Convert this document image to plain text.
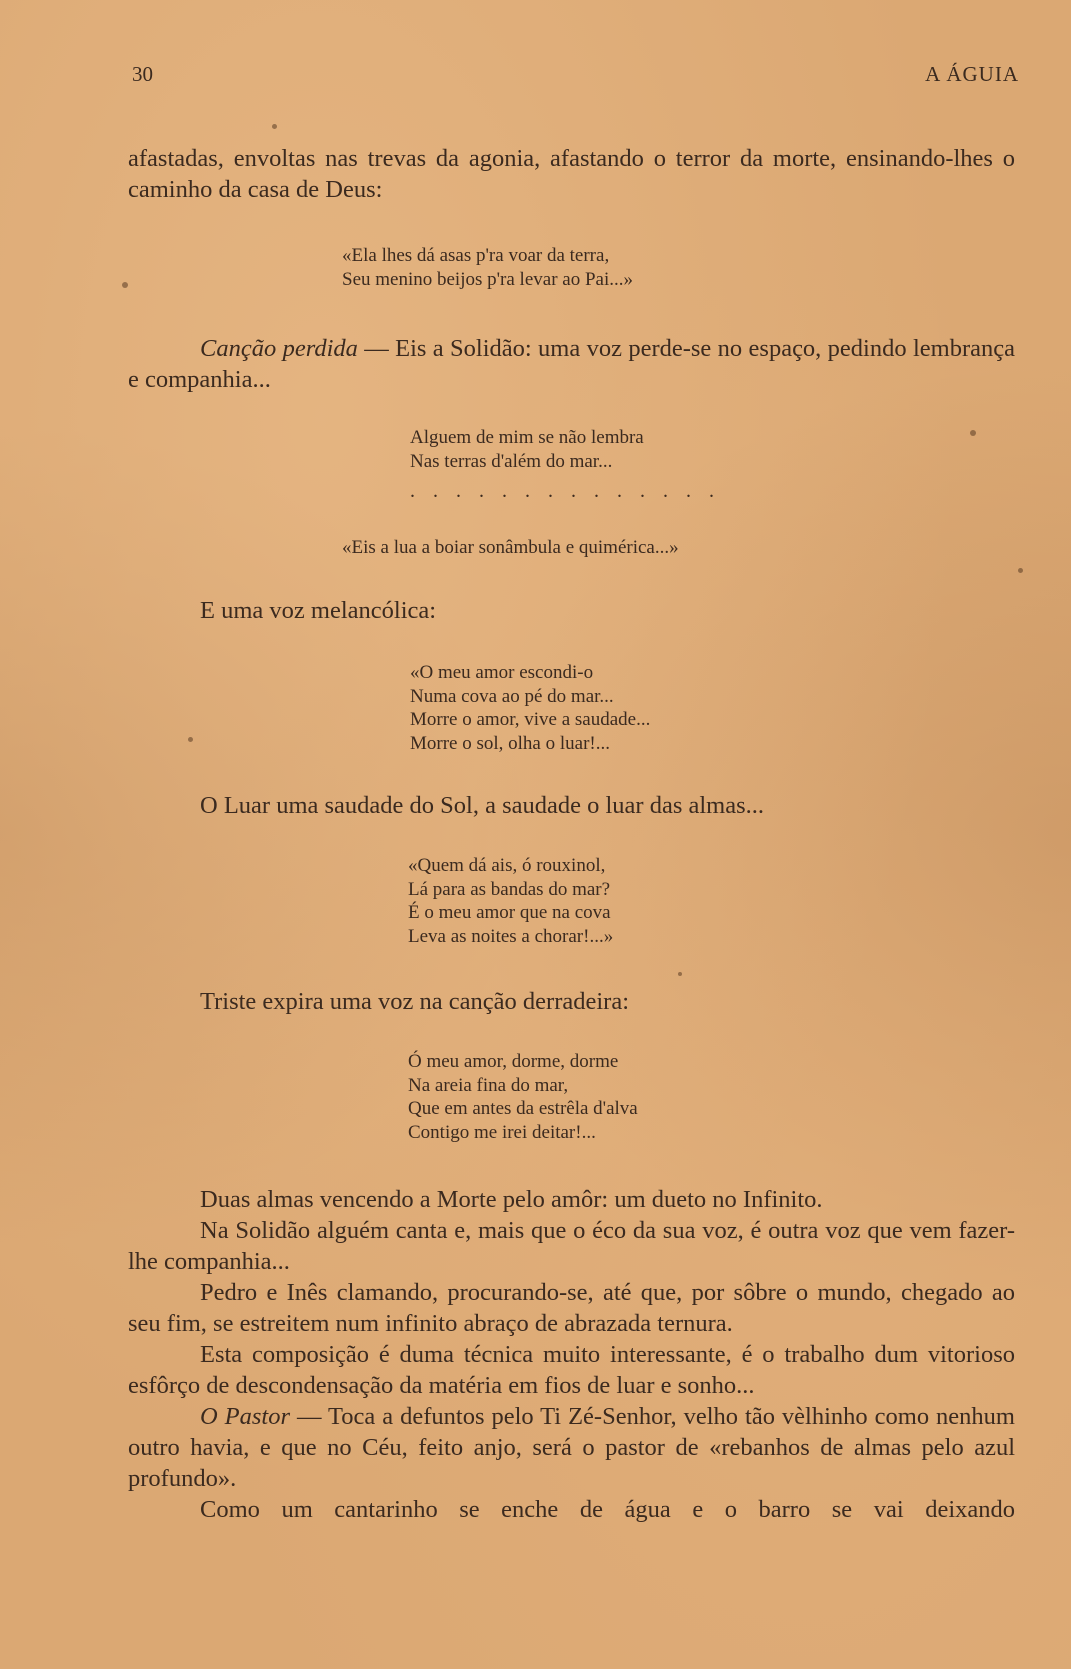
30	A ÁGUIA

afastadas, envoltas nas trevas da agonia, afastando o terror da morte, ensinando-lhes o caminho da casa de Deus:

«Ela lhes dá asas p'ra voar da terra,
Seu menino beijos p'ra levar ao Pai...»

Canção perdida — Eis a Solidão: uma voz perde-se no espaço, pedindo lembrança e companhia...

Alguem de mim se não lembra
Nas terras d'além do mar...
. . . . . . . . . . . . . .
«Eis a lua a boiar sonâmbula e quimérica...»

E uma voz melancólica:

«O meu amor escondi-o
Numa cova ao pé do mar...
Morre o amor, vive a saudade...
Morre o sol, olha o luar!...

O Luar uma saudade do Sol, a saudade o luar das almas...

«Quem dá ais, ó rouxinol,
Lá para as bandas do mar?
É o meu amor que na cova
Leva as noites a chorar!...»

Triste expira uma voz na canção derradeira:

Ó meu amor, dorme, dorme
Na areia fina do mar,
Que em antes da estrêla d'alva
Contigo me irei deitar!...

Duas almas vencendo a Morte pelo amôr: um dueto no Infinito.

Na Solidão alguém canta e, mais que o éco da sua voz, é outra voz que vem fazer-lhe companhia...

Pedro e Inês clamando, procurando-se, até que, por sôbre o mundo, chegado ao seu fim, se estreitem num infinito abraço de abrazada ternura.

Esta composição é duma técnica muito interessante, é o trabalho dum vitorioso esfôrço de descondensação da matéria em fios de luar e sonho...

O Pastor — Toca a defuntos pelo Ti Zé-Senhor, velho tão vèlhinho como nenhum outro havia, e que no Céu, feito anjo, será o pastor de «rebanhos de almas pelo azul profundo».

Como um cantarinho se enche de água e o barro se vai deixando
